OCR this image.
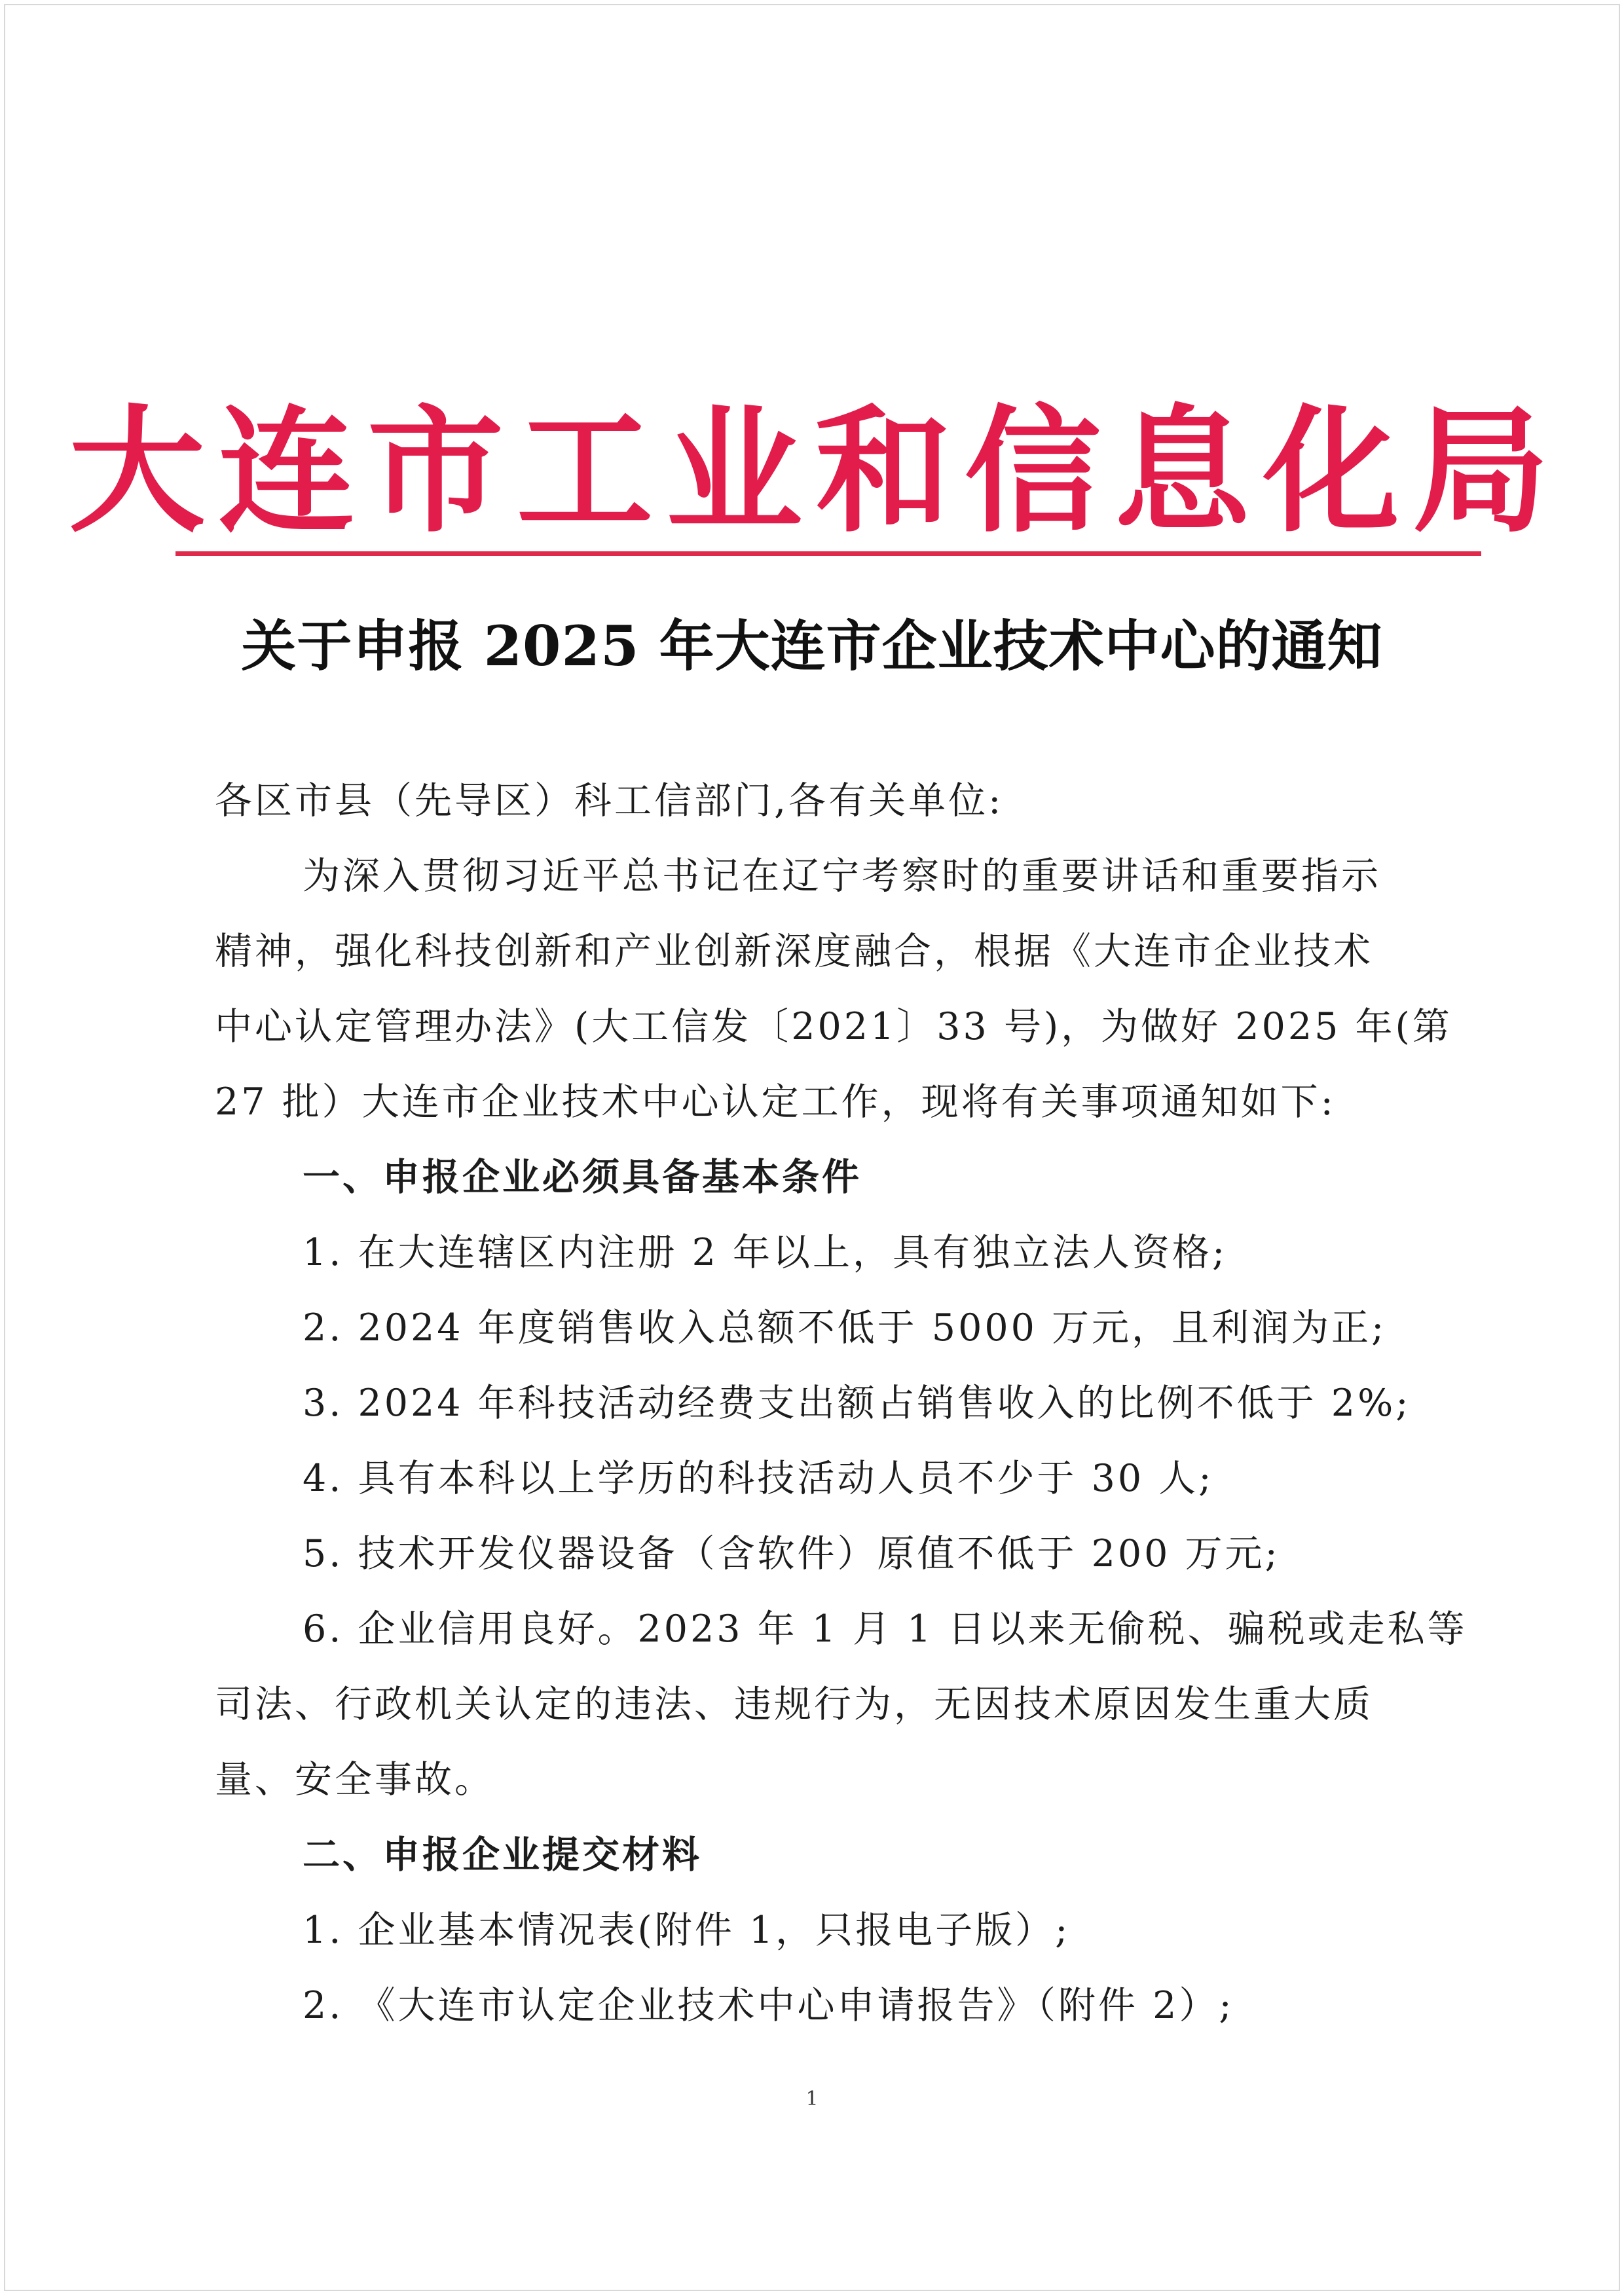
大连市工业和信息化局
关于申报 2025 年大连市企业技术中心的通知
各区市县（先导区）科工信部门,各有关单位:
为深入贯彻习近平总书记在辽宁考察时的重要讲话和重要指示
精神，强化科技创新和产业创新深度融合，根据《大连市企业技术
中心认定管理办法》(大工信发〔2021〕33 号)，为做好 2025 年(第
27 批）大连市企业技术中心认定工作，现将有关事项通知如下:
一、申报企业必须具备基本条件
1. 在大连辖区内注册 2 年以上，具有独立法人资格;
2. 2024 年度销售收入总额不低于 5000 万元，且利润为正;
3. 2024 年科技活动经费支出额占销售收入的比例不低于 2%;
4. 具有本科以上学历的科技活动人员不少于 30 人;
5. 技术开发仪器设备（含软件）原值不低于 200 万元;
6. 企业信用良好。2023 年 1 月 1 日以来无偷税、骗税或走私等
司法、行政机关认定的违法、违规行为，无因技术原因发生重大质
量、安全事故。
二、申报企业提交材料
1. 企业基本情况表(附件 1，只报电子版）;
2. 《大连市认定企业技术中心申请报告》（附件 2）;
1
